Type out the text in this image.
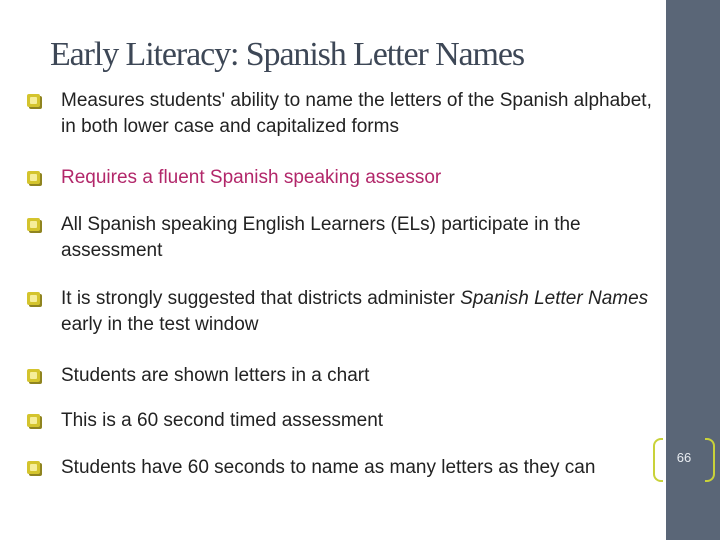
Early Literacy: Spanish Letter Names
Measures students' ability to name the letters of the Spanish alphabet, in both lower case and capitalized forms
Requires a fluent Spanish speaking assessor
All Spanish speaking English Learners (ELs) participate in the assessment
It is strongly suggested that districts administer Spanish Letter Names early in the test window
Students are shown letters in a chart
This is a 60 second timed assessment
Students have 60 seconds to name as many letters as they can	66
